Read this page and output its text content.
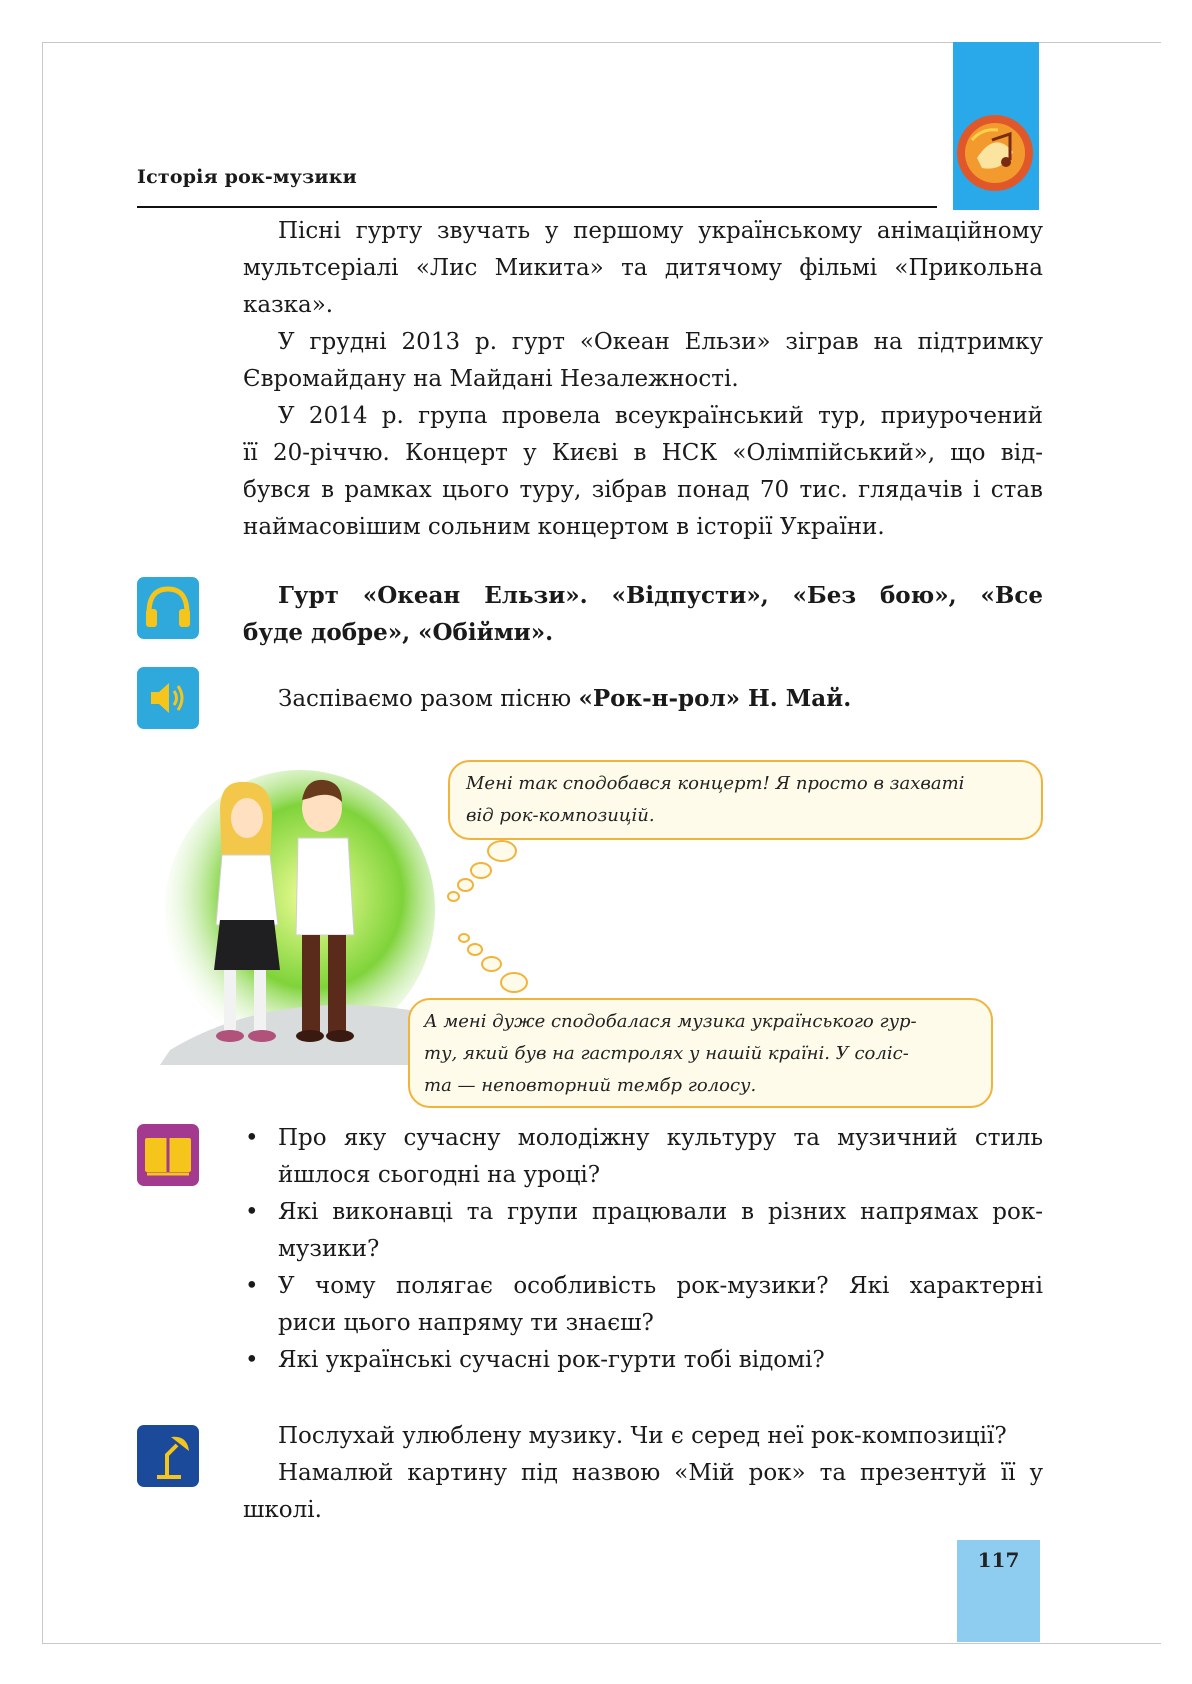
Історія рок-музики
Пісні гурту звучать у першому українському анімаційному
мультсеріалі «Лис Микита» та дитячому фільмі «Прикольна
казка».
У грудні 2013 р. гурт «Океан Ельзи» зіграв на підтримку
Євромайдану на Майдані Незалежності.
У 2014 р. група провела всеукраїнський тур, приурочений
її 20-річчю. Концерт у Києві в НСК «Олімпійський», що від-
бувся в рамках цього туру, зібрав понад 70 тис. глядачів і став
наймасовішим сольним концертом в історії України.
Гурт «Океан Ельзи». «Відпусти», «Без бою», «Все
буде добре», «Обійми».
Заспіваємо разом пісню «Рок-н-рол» Н. Май.
Мені так сподобався концерт! Я просто в захваті
від рок-композицій.
А мені дуже сподобалася музика українського гур-
ту, який був на гастролях у нашій країні. У соліс-
та — неповторний тембр голосу.
• Про яку сучасну молодіжну культуру та музичний стиль
йшлося сьогодні на уроці?
• Які виконавці та групи працювали в різних напрямах рок-
музики?
• У чому полягає особливість рок-музики? Які характерні
риси цього напряму ти знаєш?
• Які українські сучасні рок-гурти тобі відомі?
Послухай улюблену музику. Чи є серед неї рок-композиції?
Намалюй картину під назвою «Мій рок» та презентуй її у
школі.
117
